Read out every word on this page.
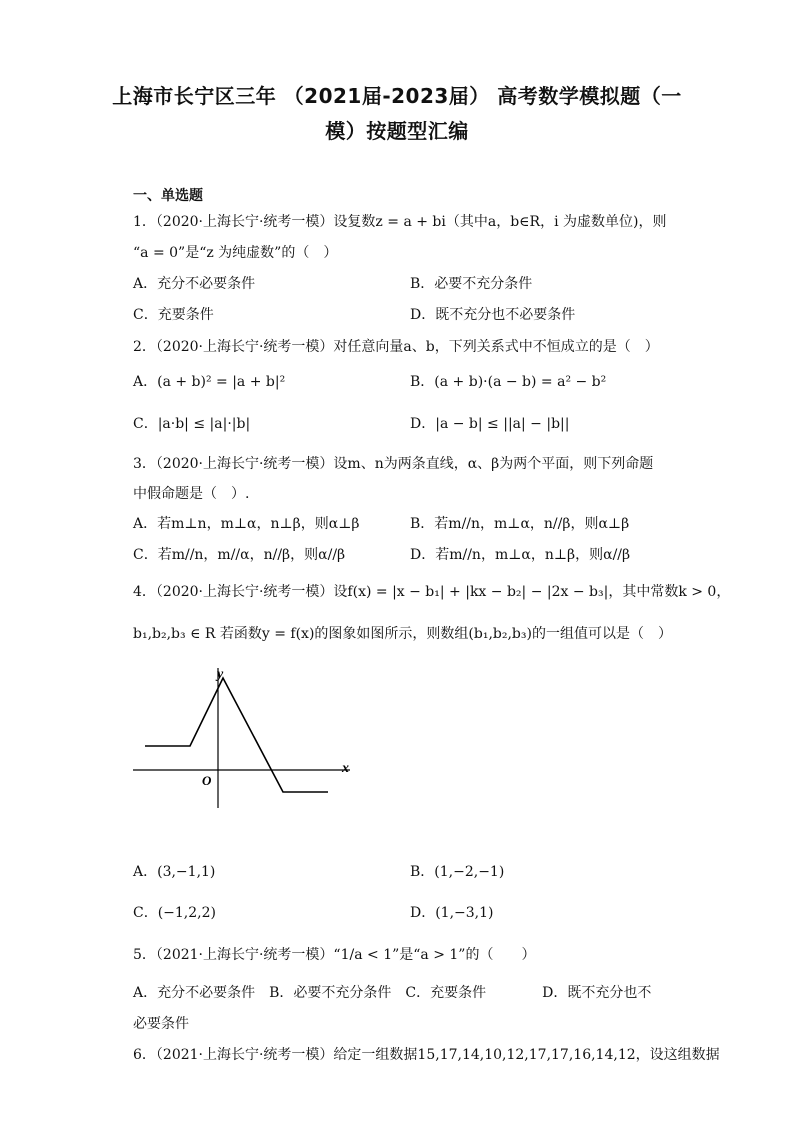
上海市长宁区三年 （2021届-2023届） 高考数学模拟题（一
模）按题型汇编
一、单选题
1．（2020·上海长宁·统考一模）设复数z = a + bi（其中a，b∈R，i 为虚数单位)，则
“a = 0”是“z 为纯虚数”的（　）
A．充分不必要条件	B．必要不充分条件
C．充要条件	D．既不充分也不必要条件
2．（2020·上海长宁·统考一模）对任意向量a、b，下列关系式中不恒成立的是（　）
A．(a + b)² = |a + b|²	B．(a + b)·(a − b) = a² − b²
C．|a·b| ≤ |a|·|b|	D．|a − b| ≤ ||a| − |b||
3．（2020·上海长宁·统考一模）设m、n为两条直线，α、β为两个平面，则下列命题
中假命题是（　）.
A．若m⊥n，m⊥α，n⊥β，则α⊥β	B．若m//n，m⊥α，n//β，则α⊥β
C．若m//n，m//α，n//β，则α//β	D．若m//n，m⊥α，n⊥β，则α//β
4．（2020·上海长宁·统考一模）设f(x) = |x − b₁| + |kx − b₂| − |2x − b₃|，其中常数k > 0，
b₁,b₂,b₃ ∈ R 若函数y = f(x)的图象如图所示，则数组(b₁,b₂,b₃)的一组值可以是（　）
y
x
O
A．(3,−1,1)	B．(1,−2,−1)
C．(−1,2,2)	D．(1,−3,1)
5．（2021·上海长宁·统考一模）“1/a < 1”是“a > 1”的（　　）
A．充分不必要条件　B．必要不充分条件　C．充要条件　　　　D．既不充分也不
必要条件
6．（2021·上海长宁·统考一模）给定一组数据15,17,14,10,12,17,17,16,14,12，设这组数据
